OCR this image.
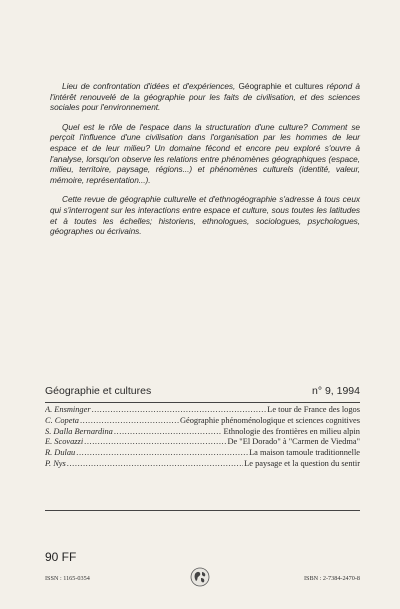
Lieu de confrontation d'idées et d'expériences, Géographie et cultures répond à l'intérêt renouvelé de la géographie pour les faits de civilisation, et des sciences sociales pour l'environnement.

Quel est le rôle de l'espace dans la structuration d'une culture? Comment se perçoit l'influence d'une civilisation dans l'organisation par les hommes de leur espace et de leur milieu? Un domaine fécond et encore peu exploré s'ouvre à l'analyse, lorsqu'on observe les relations entre phénomènes géographiques (espace, milieu, territoire, paysage, régions...) et phénomènes culturels (identité, valeur, mémoire, représentation...).

Cette revue de géographie culturelle et d'ethnogéographie s'adresse à tous ceux qui s'interrogent sur les interactions entre espace et culture, sous toutes les latitudes et à toutes les échelles; historiens, ethnologues, sociologues, psychologues, géographes ou écrivains.

Géographie et cultures	n° 9, 1994
A. Ensminger .....	Le tour de France des logos
C. Copeta .....	Géographie phénoménologique et sciences cognitives
S. Dalla Bernardina .....	Ethnologie des frontières en milieu alpin
E. Scovazzi .....	De "El Dorado" à "Carmen de Viedma"
R. Dulau .....	La maison tamoule traditionnelle
P. Nys .....	Le paysage et la question du sentir
90 FF
ISSN : 1165-0354	ISBN : 2-7384-2470-8
